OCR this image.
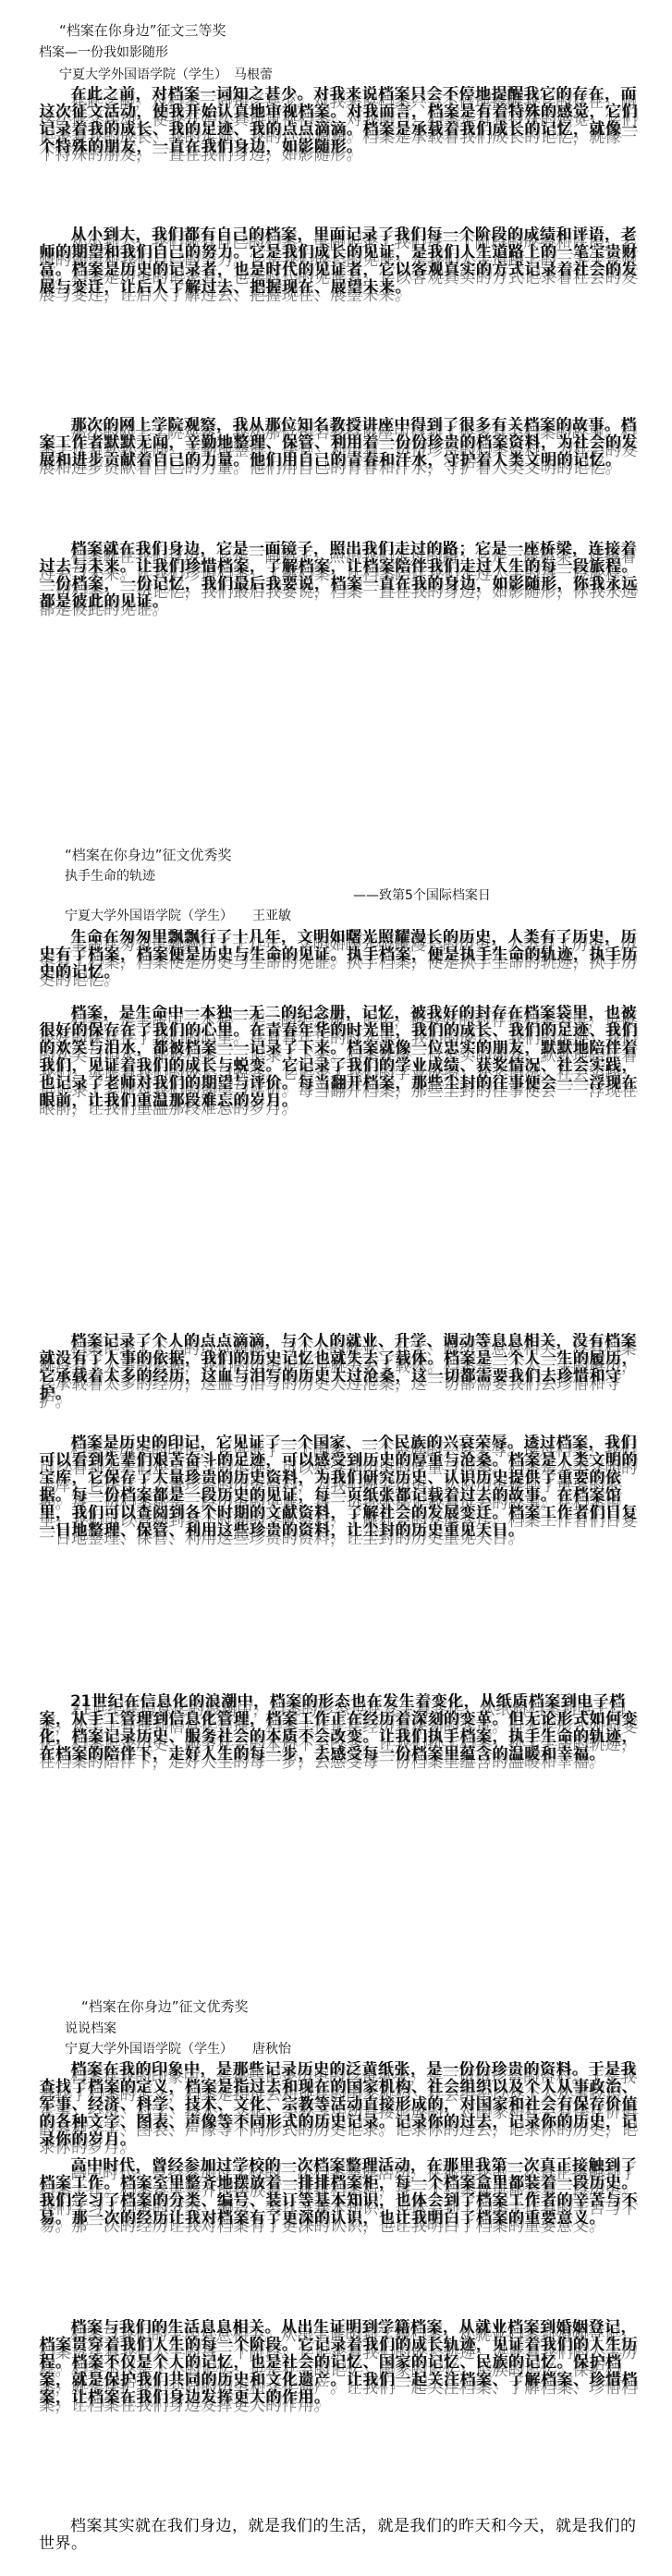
“档案在你身边”征文三等奖
档案—一份我如影随形
宁夏大学外国语学院（学生）　马根蕾

在此之前，对档案一词知之甚少。对我来说档案只会不停地提醒我它的存在，而这次征文活动，使我开始认真地审视档案。对我而言，档案是有着特殊的感觉，它们记录着我的成长、我的足迹、我的点点滴滴。档案是承载着我们成长的记忆，就像一个特殊的朋友，一直在我们身边，如影随形。

从小到大，我们都有自己的档案，里面记录了我们每一个阶段的成绩和评语，老师的期望和我们自己的努力。它是我们成长的见证，是我们人生道路上的一笔宝贵财富。档案是历史的记录者，也是时代的见证者，它以客观真实的方式记录着社会的发展与变迁，让后人了解过去、把握现在、展望未来。

那次的网上学院观察，我从那位知名教授讲座中得到了很多有关档案的故事。档案工作者默默无闻，辛勤地整理、保管、利用着一份份珍贵的档案资料，为社会的发展和进步贡献着自己的力量。他们用自己的青春和汗水，守护着人类文明的记忆。

档案就在我们身边，它是一面镜子，照出我们走过的路；它是一座桥梁，连接着过去与未来。让我们珍惜档案，了解档案，让档案陪伴我们走过人生的每一段旅程。一份档案，一份记忆，我们最后我要说，档案一直在我的身边，如影随形，你我永远都是彼此的见证。

“档案在你身边”征文优秀奖
执手生命的轨迹
——致第5个国际档案日
宁夏大学外国语学院（学生）　　王亚敏

生命在匆匆里飘飘行了十几年，文明如曙光照耀漫长的历史，人类有了历史，历史有了档案，档案便是历史与生命的见证。执手档案，便是执手生命的轨迹，执手历史的记忆。

档案，是生命中一本独一无二的纪念册，记忆，被我好的封存在档案袋里，也被很好的保存在了我们的心里。在青春年华的时光里，我们的成长、我们的足迹、我们的欢笑与泪水，都被档案一一记录了下来。档案就像一位忠实的朋友，默默地陪伴着我们，见证着我们的成长与蜕变。它记录了我们的学业成绩、获奖情况、社会实践，也记录了老师对我们的期望与评价。每当翻开档案，那些尘封的往事便会一一浮现在眼前，让我们重温那段难忘的岁月。

档案记录了个人的点点滴滴，与个人的就业、升学、调动等息息相关，没有档案就没有了人事的依据，我们的历史记忆也就失去了载体。档案是一个人一生的履历，它承载着太多的经历，这血与泪写的历史大过沧桑，这一切都需要我们去珍惜和守护。

档案是历史的印记，它见证了一个国家、一个民族的兴衰荣辱。透过档案，我们可以看到先辈们艰苦奋斗的足迹，可以感受到历史的厚重与沧桑。档案是人类文明的宝库，它保存了大量珍贵的历史资料，为我们研究历史、认识历史提供了重要的依据。每一份档案都是一段历史的见证，每一页纸张都记载着过去的故事。在档案馆里，我们可以查阅到各个时期的文献资料，了解社会的发展变迁。档案工作者们日复一日地整理、保管、利用这些珍贵的资料，让尘封的历史重见天日。

21世纪在信息化的浪潮中，档案的形态也在发生着变化，从纸质档案到电子档案，从手工管理到信息化管理，档案工作正在经历着深刻的变革。但无论形式如何变化，档案记录历史、服务社会的本质不会改变。让我们执手档案，执手生命的轨迹，在档案的陪伴下，走好人生的每一步，去感受每一份档案里蕴含的温暖和幸福。

“档案在你身边”征文优秀奖
说说档案
宁夏大学外国语学院（学生）　　唐秋怡

档案在我的印象中，是那些记录历史的泛黄纸张，是一份份珍贵的资料。于是我查找了档案的定义，档案是指过去和现在的国家机构、社会组织以及个人从事政治、军事、经济、科学、技术、文化、宗教等活动直接形成的，对国家和社会有保存价值的各种文字、图表、声像等不同形式的历史记录。记录你的过去，记录你的历史，记录你的岁月。

高中时代，曾经参加过学校的一次档案整理活动，在那里我第一次真正接触到了档案工作。档案室里整齐地摆放着一排排档案柜，每一个档案盒里都装着一段历史。我们学习了档案的分类、编号、装订等基本知识，也体会到了档案工作者的辛苦与不易。那一次的经历让我对档案有了更深的认识，也让我明白了档案的重要意义。

档案与我们的生活息息相关。从出生证明到学籍档案，从就业档案到婚姻登记，档案贯穿着我们人生的每一个阶段。它记录着我们的成长轨迹，见证着我们的人生历程。档案不仅是个人的记忆，也是社会的记忆、国家的记忆、民族的记忆。保护档案，就是保护我们共同的历史和文化遗产。让我们一起关注档案、了解档案、珍惜档案，让档案在我们身边发挥更大的作用。

档案其实就在我们身边，就是我们的生活，就是我们的昨天和今天，就是我们的世界。
